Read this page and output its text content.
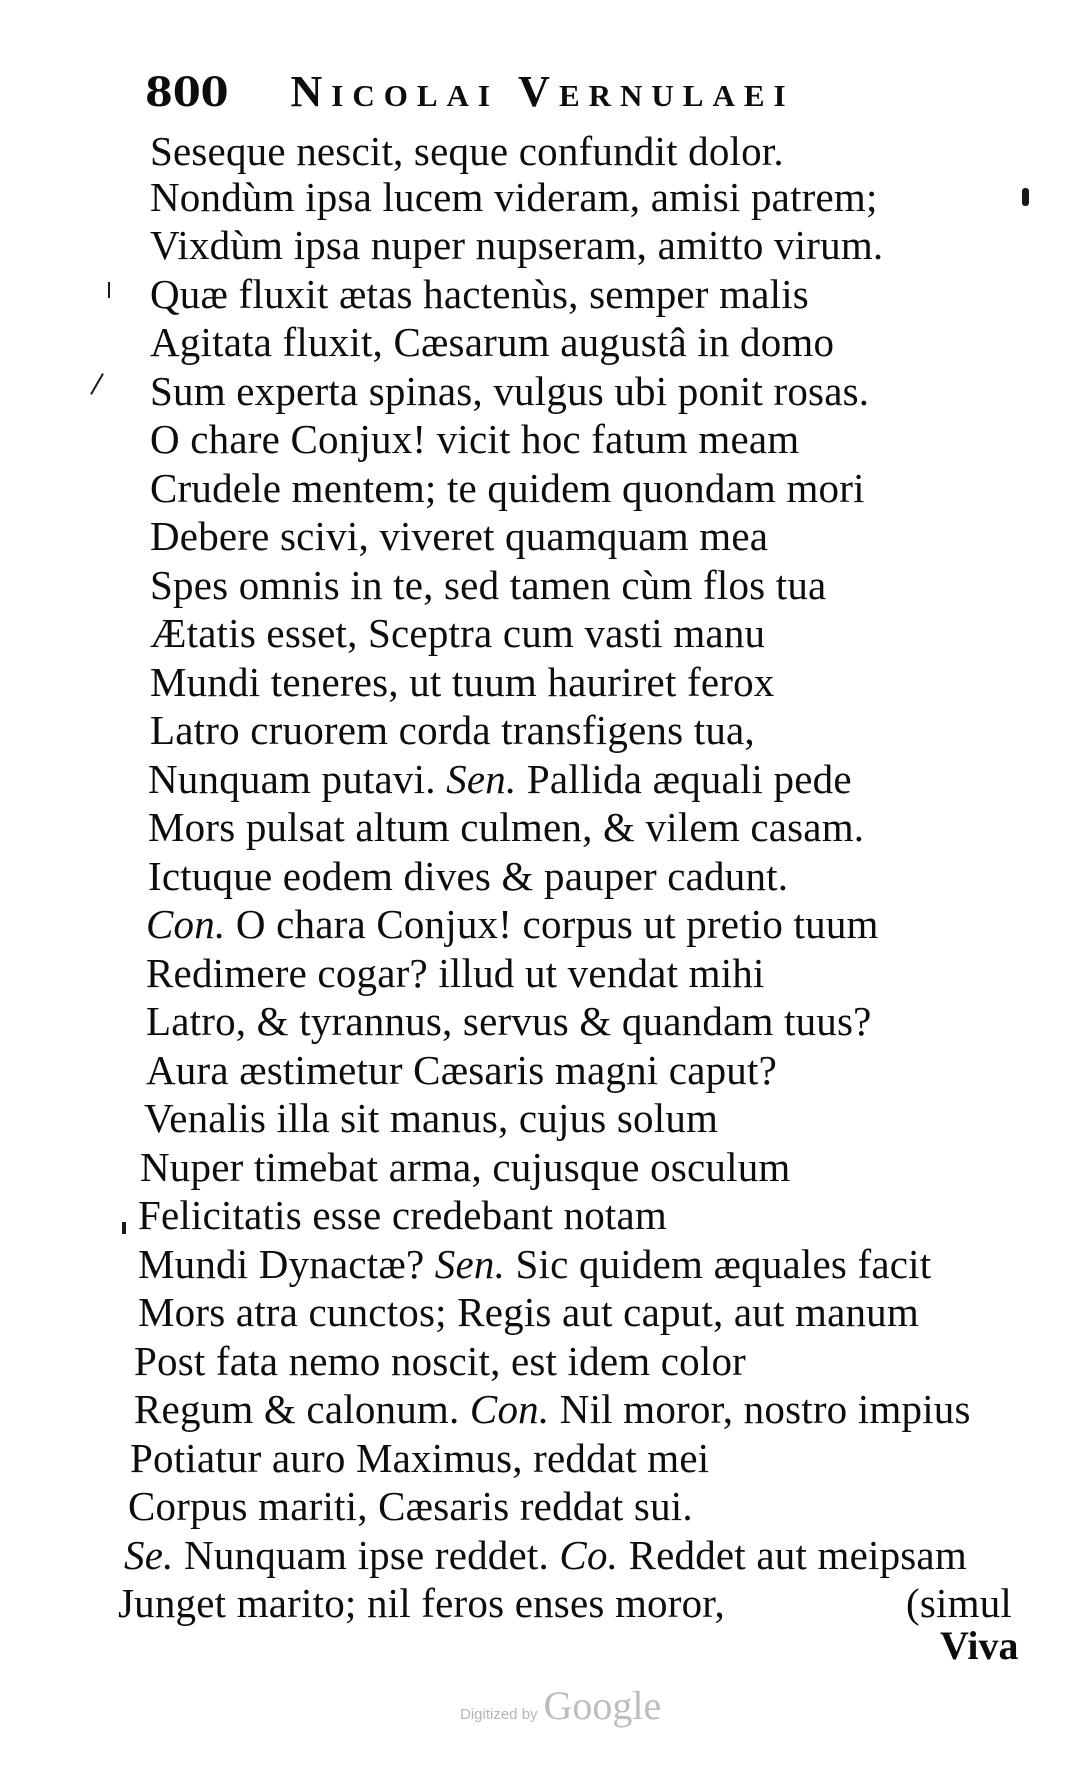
800 Nicolai Vernulaei
Seseque nescit, seque confundit dolor.
Nondùm ipsa lucem videram, amisi patrem;
Vixdùm ipsa nuper nupseram, amitto virum.
Quæ fluxit ætas hactenùs, semper malis
Agitata fluxit, Cæsarum augustâ in domo
Sum experta spinas, vulgus ubi ponit rosas.
O chare Conjux! vicit hoc fatum meam
Crudele mentem; te quidem quondam mori
Debere scivi, viveret quamquam mea
Spes omnis in te, sed tamen cùm flos tua
Ætatis esset, Sceptra cum vasti manu
Mundi teneres, ut tuum hauriret ferox
Latro cruorem corda transfigens tua,
Nunquam putavi. Sen. Pallida æquali pede
Mors pulsat altum culmen, & vilem casam.
Ictuque eodem dives & pauper cadunt.
Con. O chara Conjux! corpus ut pretio tuum
Redimere cogar? illud ut vendat mihi
Latro, & tyrannus, servus & quandam tuus?
Aura æstimetur Cæsaris magni caput?
Venalis illa sit manus, cujus solum
Nuper timebat arma, cujusque osculum
Felicitatis esse credebant notam
Mundi Dynactæ? Sen. Sic quidem æquales facit
Mors atra cunctos; Regis aut caput, aut manum
Post fata nemo noscit, est idem color
Regum & calonum. Con. Nil moror, nostro impius
Potiatur auro Maximus, reddat mei
Corpus mariti, Cæsaris reddat sui.
Se. Nunquam ipse reddet. Co. Reddet aut meipsam
Junget marito; nil feros enses moror,	(simul
Viva
Digitized by Google
